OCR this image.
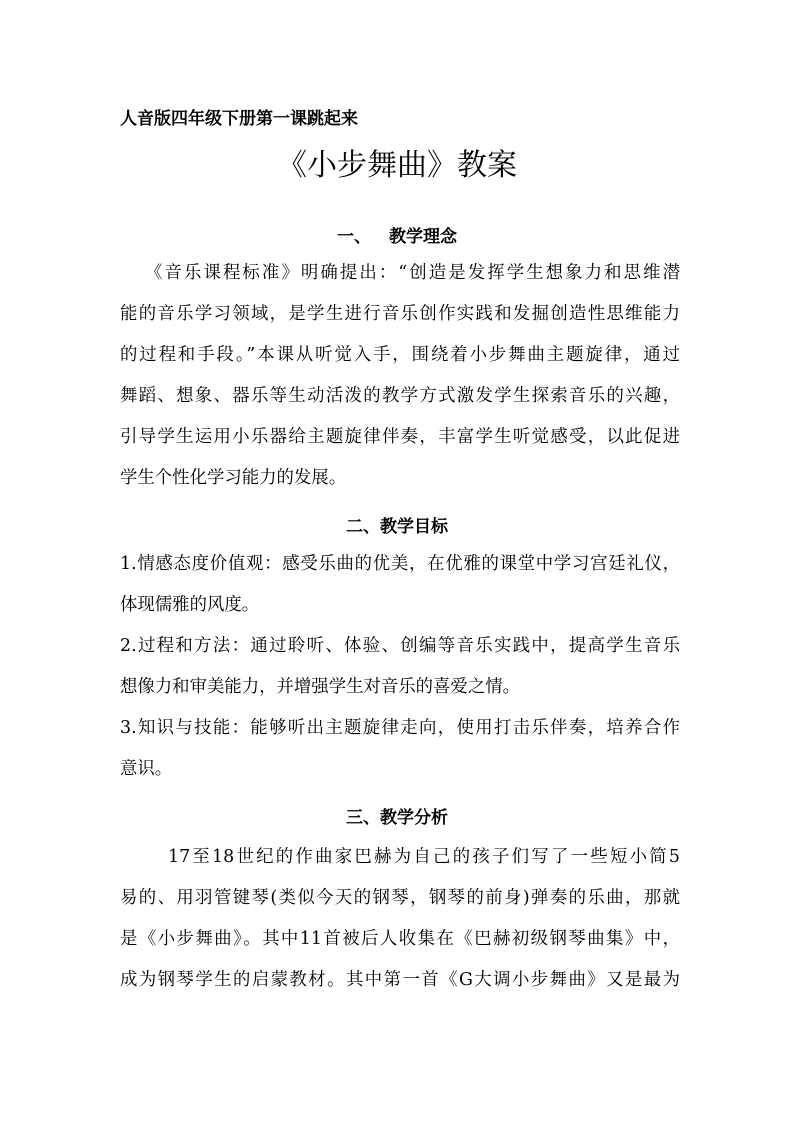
人音版四年级下册第一课跳起来
《小步舞曲》教案
一、 教学理念
《音乐课程标准》明确提出：“创造是发挥学生想象力和思维潜
能的音乐学习领域，是学生进行音乐创作实践和发掘创造性思维能力
的过程和手段。”本课从听觉入手，围绕着小步舞曲主题旋律，通过
舞蹈、想象、器乐等生动活泼的教学方式激发学生探索音乐的兴趣，
引导学生运用小乐器给主题旋律伴奏，丰富学生听觉感受，以此促进
学生个性化学习能力的发展。
二、教学目标
1.情感态度价值观：感受乐曲的优美，在优雅的课堂中学习宫廷礼仪，
体现儒雅的风度。
2.过程和方法：通过聆听、体验、创编等音乐实践中，提高学生音乐
想像力和审美能力，并增强学生对音乐的喜爱之情。
3.知识与技能：能够听出主题旋律走向，使用打击乐伴奏，培养合作
意识。
三、教学分析
17至18世纪的作曲家巴赫为自己的孩子们写了一些短小简5
易的、用羽管键琴(类似今天的钢琴，钢琴的前身)弹奏的乐曲，那就
是《小步舞曲》。其中11首被后人收集在《巴赫初级钢琴曲集》中，
成为钢琴学生的启蒙教材。其中第一首《G大调小步舞曲》又是最为
